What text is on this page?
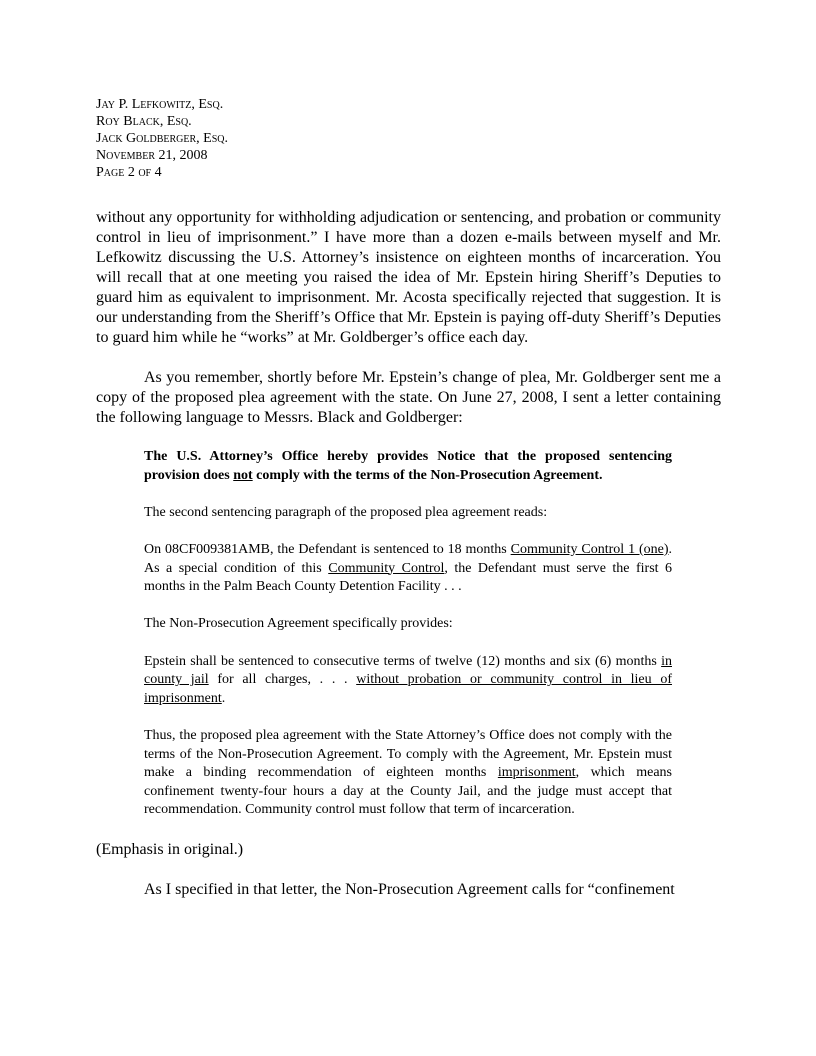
Jay P. Lefkowitz, Esq.
Roy Black, Esq.
Jack Goldberger, Esq.
November 21, 2008
Page 2 of 4

without any opportunity for withholding adjudication or sentencing, and probation or community control in lieu of imprisonment.” I have more than a dozen e-mails between myself and Mr. Lefkowitz discussing the U.S. Attorney’s insistence on eighteen months of incarceration. You will recall that at one meeting you raised the idea of Mr. Epstein hiring Sheriff’s Deputies to guard him as equivalent to imprisonment. Mr. Acosta specifically rejected that suggestion. It is our understanding from the Sheriff’s Office that Mr. Epstein is paying off-duty Sheriff’s Deputies to guard him while he “works” at Mr. Goldberger’s office each day.

As you remember, shortly before Mr. Epstein’s change of plea, Mr. Goldberger sent me a copy of the proposed plea agreement with the state. On June 27, 2008, I sent a letter containing the following language to Messrs. Black and Goldberger:

The U.S. Attorney’s Office hereby provides Notice that the proposed sentencing provision does not comply with the terms of the Non-Prosecution Agreement.

The second sentencing paragraph of the proposed plea agreement reads:

On 08CF009381AMB, the Defendant is sentenced to 18 months Community Control 1 (one). As a special condition of this Community Control, the Defendant must serve the first 6 months in the Palm Beach County Detention Facility . . .

The Non-Prosecution Agreement specifically provides:

Epstein shall be sentenced to consecutive terms of twelve (12) months and six (6) months in county jail for all charges, . . . without probation or community control in lieu of imprisonment.

Thus, the proposed plea agreement with the State Attorney’s Office does not comply with the terms of the Non-Prosecution Agreement. To comply with the Agreement, Mr. Epstein must make a binding recommendation of eighteen months imprisonment, which means confinement twenty-four hours a day at the County Jail, and the judge must accept that recommendation. Community control must follow that term of incarceration.

(Emphasis in original.)

As I specified in that letter, the Non-Prosecution Agreement calls for “confinement
